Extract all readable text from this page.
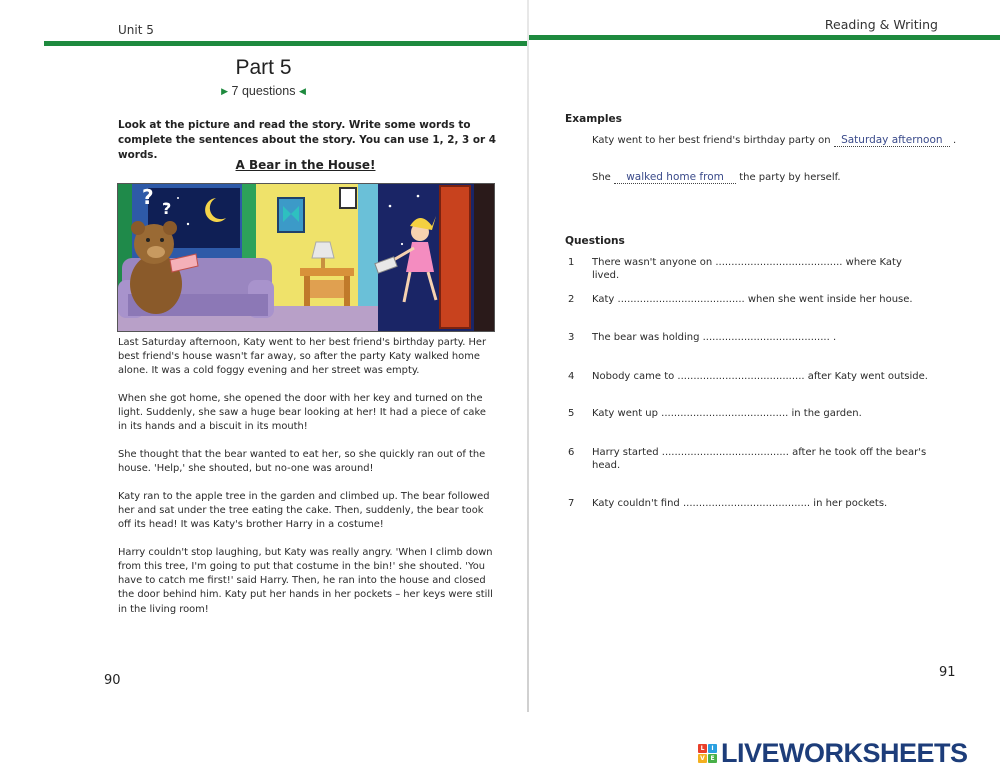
Unit 5
Part 5
▶ 7 questions ◀
Look at the picture and read the story. Write some words to complete the sentences about the story. You can use 1, 2, 3 or 4 words.
A Bear in the House!
? ?

Last Saturday afternoon, Katy went to her best friend's birthday party. Her best friend's house wasn't far away, so after the party Katy walked home alone. It was a cold foggy evening and her street was empty.

When she got home, she opened the door with her key and turned on the light. Suddenly, she saw a huge bear looking at her! It had a piece of cake in its hands and a biscuit in its mouth!

She thought that the bear wanted to eat her, so she quickly ran out of the house. 'Help,' she shouted, but no-one was around!

Katy ran to the apple tree in the garden and climbed up. The bear followed her and sat under the tree eating the cake. Then, suddenly, the bear took off its head! It was Katy's brother Harry in a costume!

Harry couldn't stop laughing, but Katy was really angry. 'When I climb down from this tree, I'm going to put that costume in the bin!' she shouted. 'You have to catch me first!' said Harry. Then, he ran into the house and closed the door behind him. Katy put her hands in her pockets – her keys were still in the living room!

90
Reading & Writing
Examples
Katy went to her best friend's birthday party on Saturday afternoon .
She walked home from the party by herself.
Questions
1	There wasn't anyone on ........................................ where Katy lived.
2	Katy ........................................ when she went inside her house.
3	The bear was holding ........................................ .
4	Nobody came to ........................................ after Katy went outside.
5	Katy went up ........................................ in the garden.
6	Harry started ........................................ after he took off the bear's head.
7	Katy couldn't find ........................................ in her pockets.
91
L	I
V E LIVEWORKSHEETS
